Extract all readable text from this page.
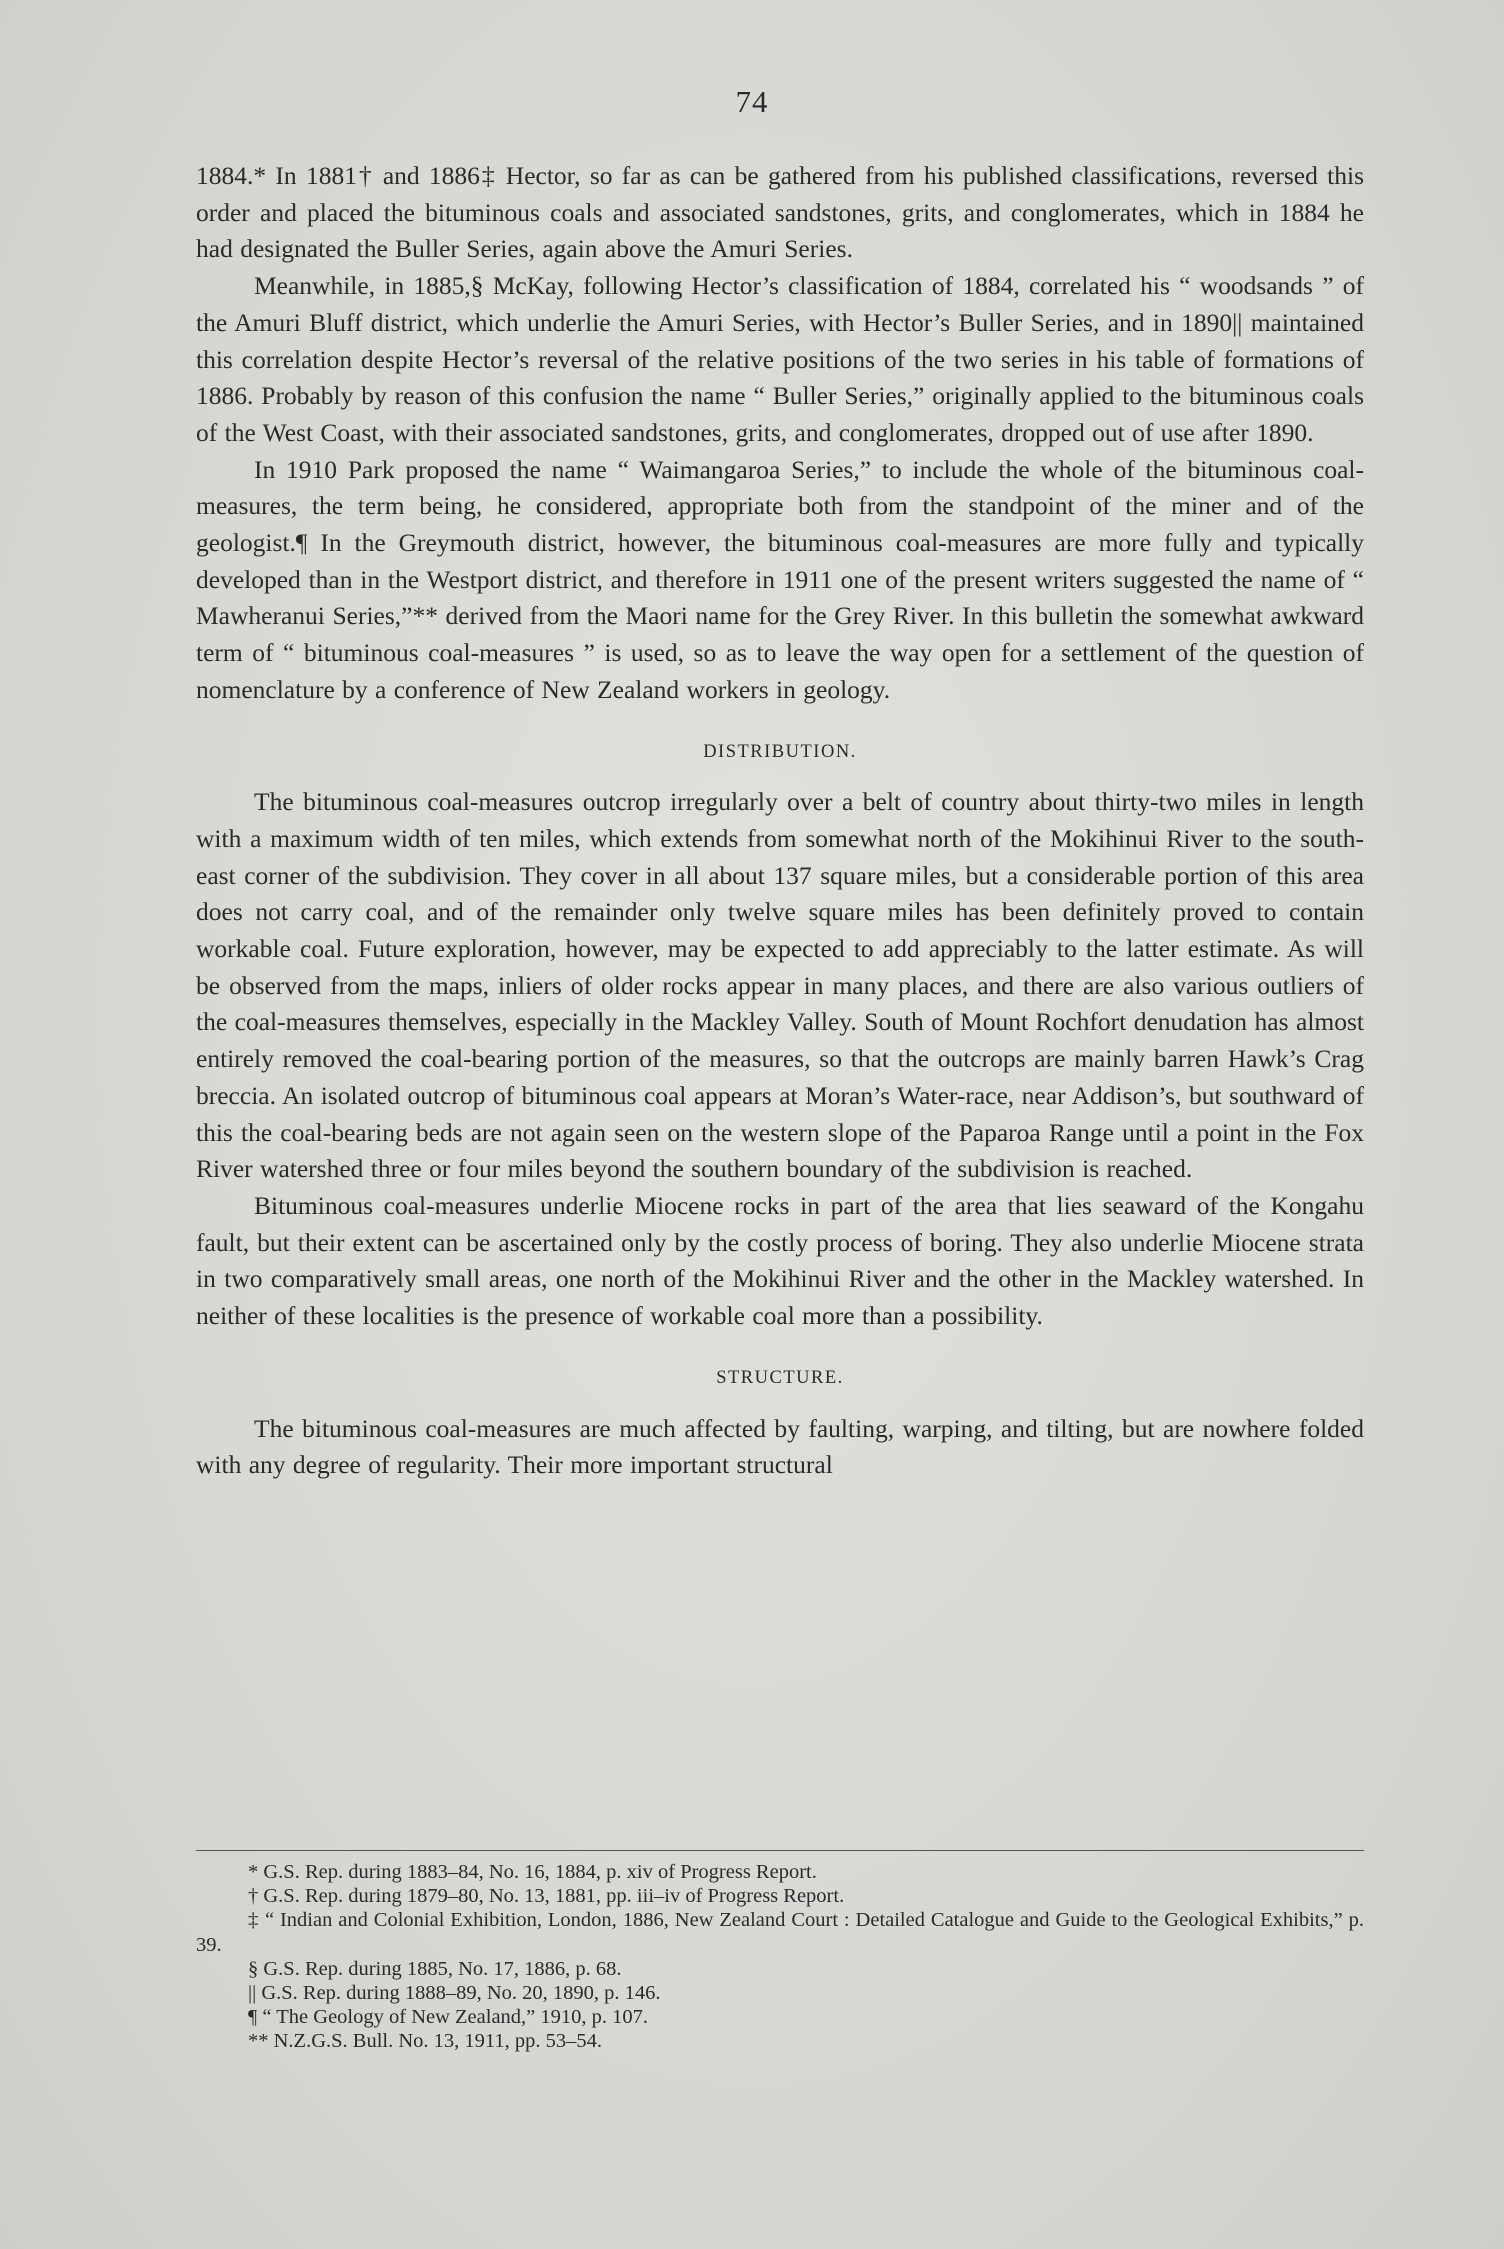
74

1884.* In 1881† and 1886‡ Hector, so far as can be gathered from his published classifications, reversed this order and placed the bituminous coals and associated sandstones, grits, and conglomerates, which in 1884 he had designated the Buller Series, again above the Amuri Series.

Meanwhile, in 1885,§ McKay, following Hector’s classification of 1884, correlated his “ woodsands ” of the Amuri Bluff district, which underlie the Amuri Series, with Hector’s Buller Series, and in 1890|| maintained this correlation despite Hector’s reversal of the relative positions of the two series in his table of formations of 1886. Probably by reason of this confusion the name “ Buller Series,” originally applied to the bituminous coals of the West Coast, with their associated sandstones, grits, and conglomerates, dropped out of use after 1890.

In 1910 Park proposed the name “ Waimangaroa Series,” to include the whole of the bituminous coal-measures, the term being, he considered, appropriate both from the standpoint of the miner and of the geologist.¶ In the Greymouth district, however, the bituminous coal-measures are more fully and typically developed than in the Westport district, and therefore in 1911 one of the present writers suggested the name of “ Mawheranui Series,”** derived from the Maori name for the Grey River. In this bulletin the somewhat awkward term of “ bituminous coal-measures ” is used, so as to leave the way open for a settlement of the question of nomenclature by a conference of New Zealand workers in geology.

DISTRIBUTION.

The bituminous coal-measures outcrop irregularly over a belt of country about thirty-two miles in length with a maximum width of ten miles, which extends from somewhat north of the Mokihinui River to the south-east corner of the subdivision. They cover in all about 137 square miles, but a considerable portion of this area does not carry coal, and of the remainder only twelve square miles has been definitely proved to contain workable coal. Future exploration, however, may be expected to add appreciably to the latter estimate. As will be observed from the maps, inliers of older rocks appear in many places, and there are also various outliers of the coal-measures themselves, especially in the Mackley Valley. South of Mount Rochfort denudation has almost entirely removed the coal-bearing portion of the measures, so that the outcrops are mainly barren Hawk’s Crag breccia. An isolated outcrop of bituminous coal appears at Moran’s Water-race, near Addison’s, but southward of this the coal-bearing beds are not again seen on the western slope of the Paparoa Range until a point in the Fox River watershed three or four miles beyond the southern boundary of the subdivision is reached.

Bituminous coal-measures underlie Miocene rocks in part of the area that lies seaward of the Kongahu fault, but their extent can be ascertained only by the costly process of boring. They also underlie Miocene strata in two comparatively small areas, one north of the Mokihinui River and the other in the Mackley watershed. In neither of these localities is the presence of workable coal more than a possibility.

STRUCTURE.

The bituminous coal-measures are much affected by faulting, warping, and tilting, but are nowhere folded with any degree of regularity. Their more important structural

* G.S. Rep. during 1883–84, No. 16, 1884, p. xiv of Progress Report.

† G.S. Rep. during 1879–80, No. 13, 1881, pp. iii–iv of Progress Report.

‡ “ Indian and Colonial Exhibition, London, 1886, New Zealand Court : Detailed Catalogue and Guide to the Geological Exhibits,” p. 39.

§ G.S. Rep. during 1885, No. 17, 1886, p. 68.

|| G.S. Rep. during 1888–89, No. 20, 1890, p. 146.

¶ “ The Geology of New Zealand,” 1910, p. 107.

** N.Z.G.S. Bull. No. 13, 1911, pp. 53–54.
